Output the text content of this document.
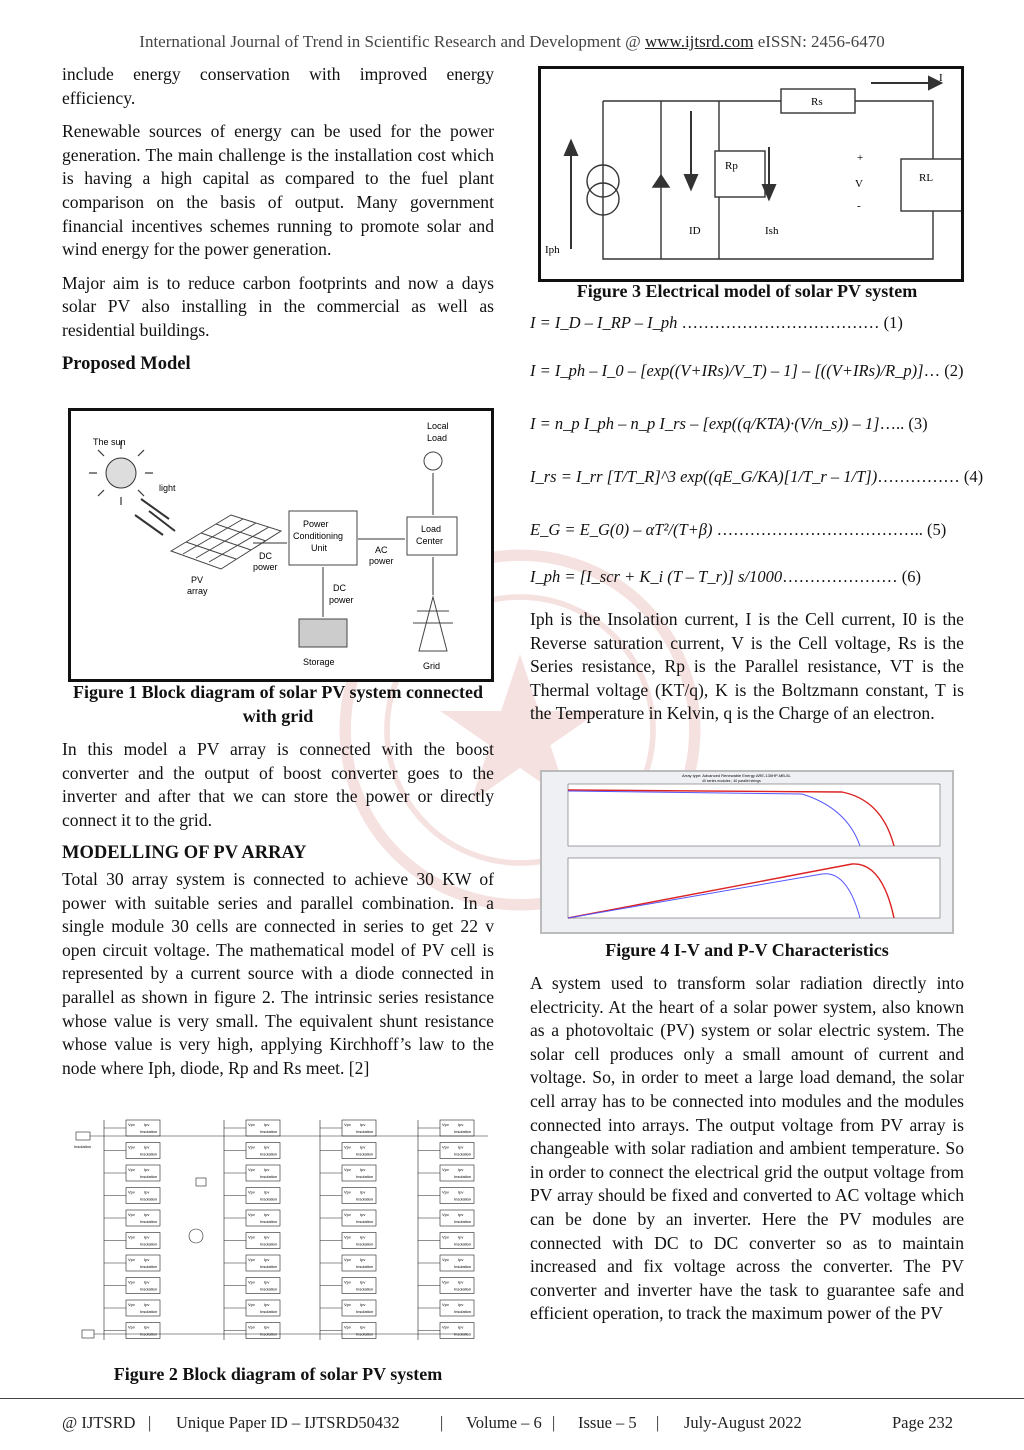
International Journal of Trend in Scientific Research and Development @ www.ijtsrd.com eISSN: 2456-6470

include energy conservation with improved energy efficiency.

Renewable sources of energy can be used for the power generation. The main challenge is the installation cost which is having a high capital as compared to the fuel plant comparison on the basis of output. Many government financial incentives schemes running to promote solar and wind energy for the power generation.

Major aim is to reduce carbon footprints and now a days solar PV also installing in the commercial as well as residential buildings.

Proposed Model
The sun
light
PV
array
Power
Conditioning
Unit
DC
power
Load
Center
AC
power
Local
Load
DC
power
Storage	Grid
Figure 1 Block diagram of solar PV system connected with grid

In this model a PV array is connected with the boost converter and the output of boost converter goes to the inverter and after that we can store the power or directly connect it to the grid.

MODELLING OF PV ARRAY

Total 30 array system is connected to achieve 30 KW of power with suitable series and parallel combination. In a single module 30 cells are connected in series to get 22 v open circuit voltage. The mathematical model of PV cell is represented by a current source with a diode connected in parallel as shown in figure 2. The intrinsic series resistance whose value is very small. The equivalent shunt resistance whose value is very high, applying Kirchhoff’s law to the node where Iph, diode, Rp and Rs meet. [2]

Vpv Ipv
Insolation
Vpv Ipv
Insolation
Vpv Ipv
Insolation
Vpv Ipv
Insolation
Vpv Ipv
Insolation
Vpv Ipv
Insolation
Vpv Ipv
Insolation
Vpv Ipv
Insolation
Vpv Ipv
Insolation
Vpv Ipv
Insolation
Vpv Ipv
Insolation
Vpv Ipv
Insolation
Vpv Ipv
Insolation
Vpv Ipv
Insolation
Vpv Ipv
Insolation
Vpv Ipv
Insolation
Vpv Ipv
Insolation
Vpv Ipv
Insolation
Vpv Ipv
Insolation
Vpv Ipv
Insolation
Vpv Ipv
Insolation
Vpv Ipv
Insolation
Vpv Ipv
Insolation
Vpv Ipv
Insolation
Vpv Ipv
Insolation
Vpv Ipv
Insolation
Vpv Ipv
Insolation
Vpv Ipv
Insolation
Vpv Ipv
Insolation
Vpv Ipv
Insolation
Vpv Ipv
Insolation
Vpv Ipv
Insolation
Vpv Ipv
Insolation
Vpv Ipv
Insolation
Vpv Ipv
Insolation
Vpv Ipv
Insolation
Vpv Ipv
Insolation
Vpv Ipv
Insolation
Vpv Ipv
Insolation
Vpv Ipv
Insolation
Insolation
Figure 2 Block diagram of solar PV system
I
Rs
Rp
+
V
-
RL
ID	Ish
Iph
Figure 3 Electrical model of solar PV system
I = I_D – I_RP – I_ph ……………………………… (1)
I = I_ph – I_0 – [exp((V+IRs)/V_T) – 1] – [((V+IRs)/R_p)]… (2)
I = n_p I_ph – n_p I_rs – [exp((q/KTA)·(V/n_s)) – 1]….. (3)
I_rs = I_rr [T/T_R]^3 exp((qE_G/KA)[1/T_r – 1/T])…………… (4)
E_G = E_G(0) – αT²/(T+β) ……………………………….. (5)
I_ph = [I_scr + K_i (T – T_r)] s/1000………………… (6)

Iph is the Insolation current, I is the Cell current, I0 is the Reverse saturation current, V is the Cell voltage, Rs is the Series resistance, Rp is the Parallel resistance, VT is the Thermal voltage (KT/q), K is the Boltzmann constant, T is the Temperature in Kelvin, q is the Charge of an electron.

Array type: Advanced Renewable Energy ARE-130HP-MB-5L
40 series modules ; 40 parallel strings
Figure 4 I-V and P-V Characteristics

A system used to transform solar radiation directly into electricity. At the heart of a solar power system, also known as a photovoltaic (PV) system or solar electric system. The solar cell produces only a small amount of current and voltage. So, in order to meet a large load demand, the solar cell array has to be connected into modules and the modules connected into arrays. The output voltage from PV array is changeable with solar radiation and ambient temperature. So in order to connect the electrical grid the output voltage from PV array should be fixed and converted to AC voltage which can be done by an inverter. Here the PV modules are connected with DC to DC converter so as to maintain increased and fix voltage across the converter. The PV converter and inverter have the task to guarantee safe and efficient operation, to track the maximum power of the PV

@ IJTSRD | Unique Paper ID – IJTSRD50432 | Volume – 6 | Issue – 5 | July-August 2022	Page 232
